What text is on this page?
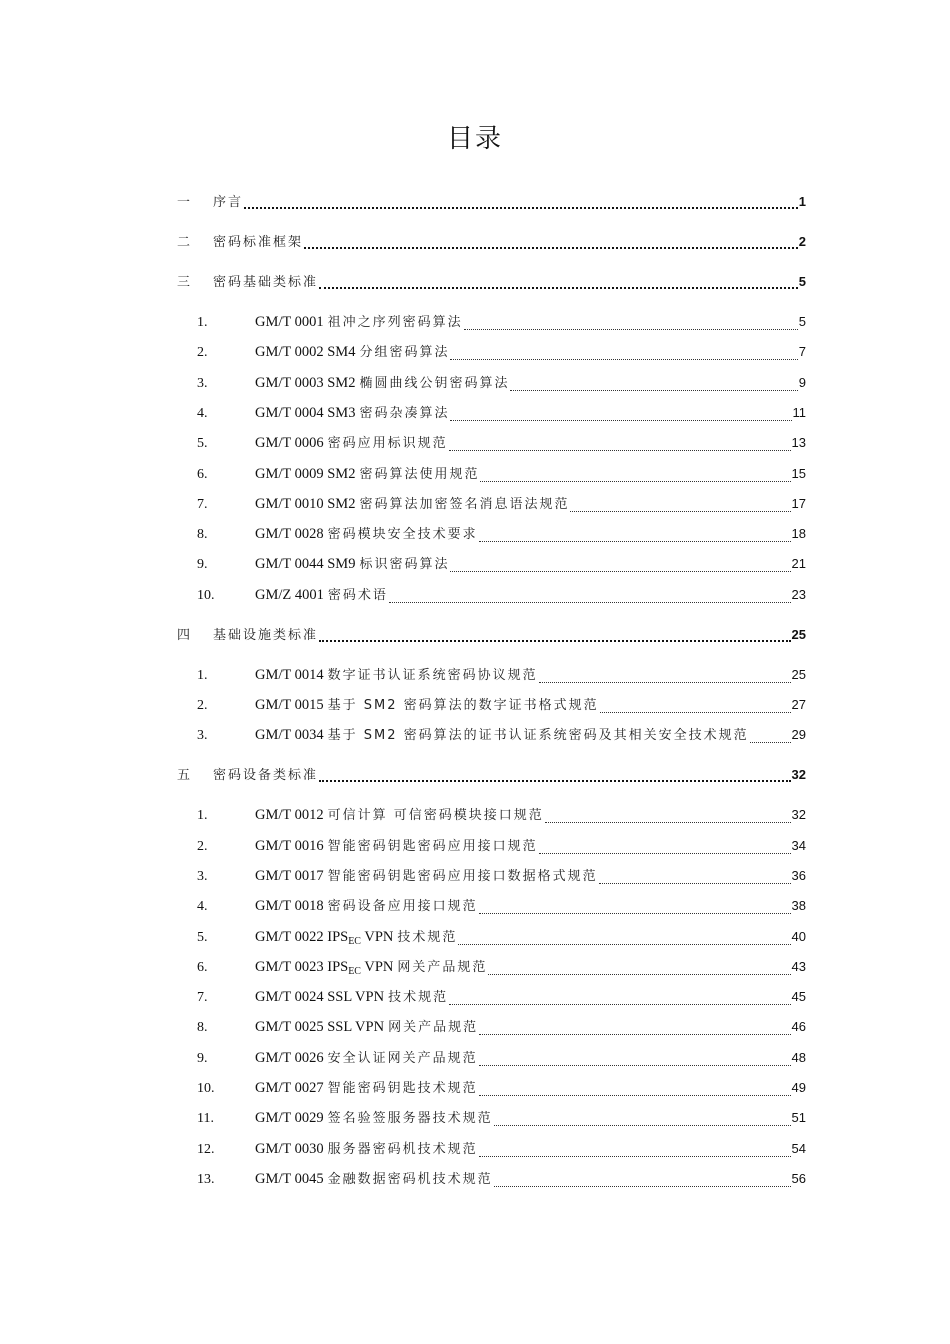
目录
一	序言	1
二	密码标准框架	2
三	密码基础类标准	5
1.	GM/T 0001 祖冲之序列密码算法	5
2.	GM/T 0002 SM4 分组密码算法	7
3.	GM/T 0003 SM2 椭圆曲线公钥密码算法	9
4.	GM/T 0004 SM3 密码杂凑算法	11
5.	GM/T 0006 密码应用标识规范	13
6.	GM/T 0009 SM2 密码算法使用规范	15
7.	GM/T 0010 SM2 密码算法加密签名消息语法规范	17
8.	GM/T 0028 密码模块安全技术要求	18
9.	GM/T 0044 SM9 标识密码算法	21
10.	GM/Z 4001 密码术语	23
四	基础设施类标准	25
1.	GM/T 0014 数字证书认证系统密码协议规范	25
2.	GM/T 0015 基于 SM2 密码算法的数字证书格式规范	27
3.	GM/T 0034 基于 SM2 密码算法的证书认证系统密码及其相关安全技术规范	29
五	密码设备类标准	32
1.	GM/T 0012 可信计算 可信密码模块接口规范	32
2.	GM/T 0016 智能密码钥匙密码应用接口规范	34
3.	GM/T 0017 智能密码钥匙密码应用接口数据格式规范	36
4.	GM/T 0018 密码设备应用接口规范	38
5.	GM/T 0022 $IPS_{EC}$ VPN 技术规范	40
6.	GM/T 0023 $IPS_{EC}$ VPN 网关产品规范	43
7.	GM/T 0024 SSL VPN 技术规范	45
8.	GM/T 0025 SSL VPN 网关产品规范	46
9.	GM/T 0026 安全认证网关产品规范	48
10.	GM/T 0027 智能密码钥匙技术规范	49
11.	GM/T 0029 签名验签服务器技术规范	51
12.	GM/T 0030 服务器密码机技术规范	54
13.	GM/T 0045 金融数据密码机技术规范	56
